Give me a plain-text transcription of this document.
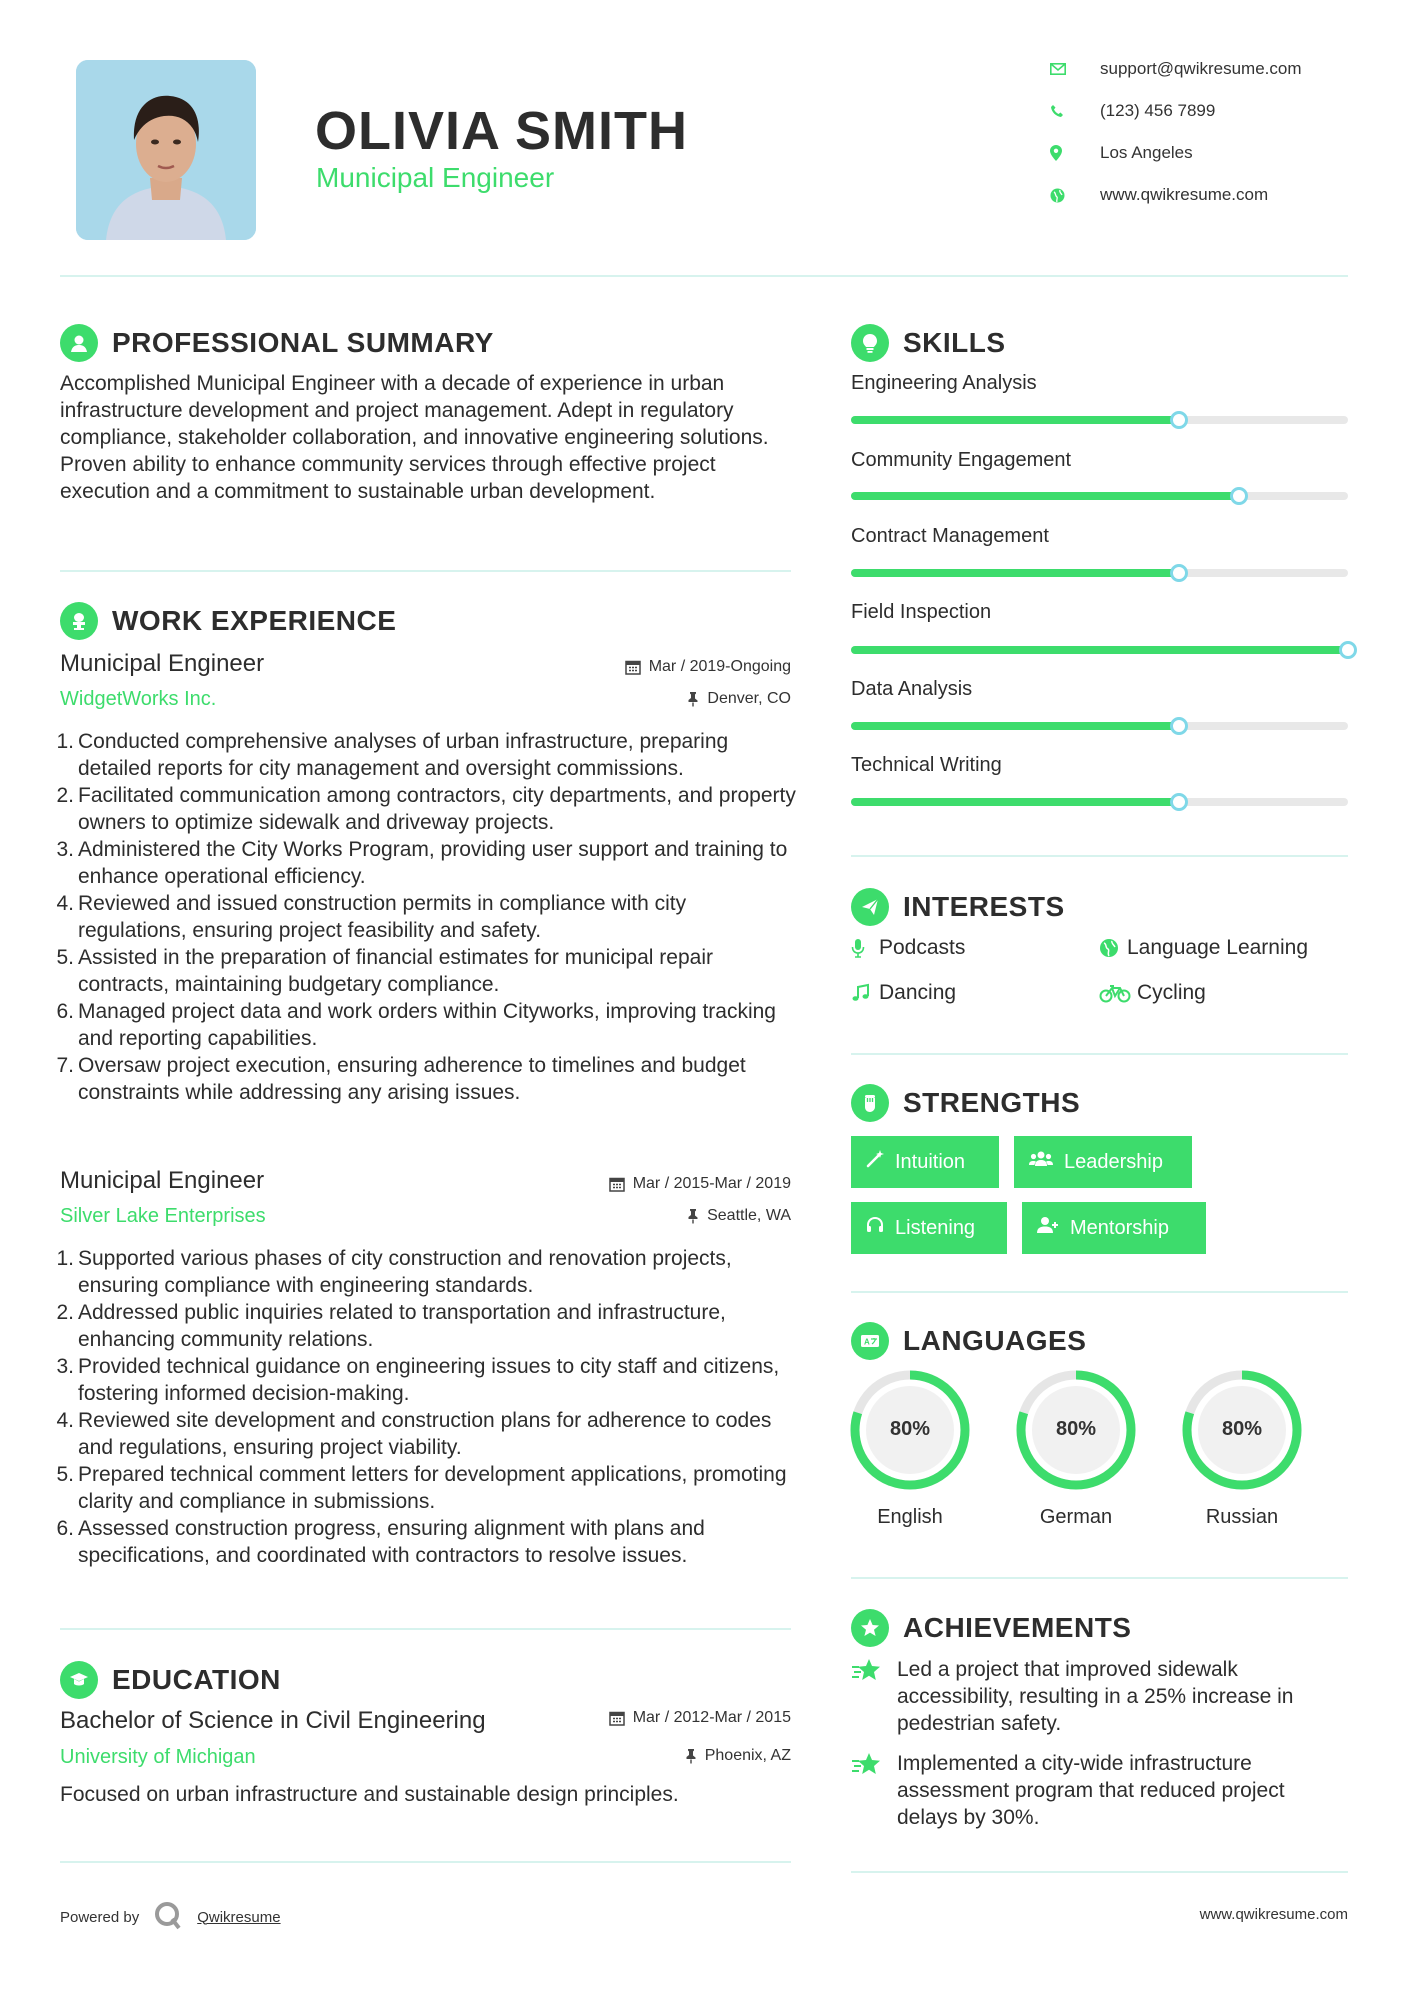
OLIVIA SMITH
Municipal Engineer
support@qwikresume.com
(123) 456 7899
Los Angeles
www.qwikresume.com
PROFESSIONAL SUMMARY
Accomplished Municipal Engineer with a decade of experience in urban infrastructure development and project management. Adept in regulatory compliance, stakeholder collaboration, and innovative engineering solutions. Proven ability to enhance community services through effective project execution and a commitment to sustainable urban development.
WORK EXPERIENCE
Municipal Engineer	Mar / 2019-Ongoing
WidgetWorks Inc.	Denver, CO
1. Conducted comprehensive analyses of urban infrastructure, preparing detailed reports for city management and oversight commissions.
2. Facilitated communication among contractors, city departments, and property owners to optimize sidewalk and driveway projects.
3. Administered the City Works Program, providing user support and training to enhance operational efficiency.
4. Reviewed and issued construction permits in compliance with city regulations, ensuring project feasibility and safety.
5. Assisted in the preparation of financial estimates for municipal repair contracts, maintaining budgetary compliance.
6. Managed project data and work orders within Cityworks, improving tracking and reporting capabilities.
7. Oversaw project execution, ensuring adherence to timelines and budget constraints while addressing any arising issues.
Municipal Engineer	Mar / 2015-Mar / 2019
Silver Lake Enterprises	Seattle, WA
1. Supported various phases of city construction and renovation projects, ensuring compliance with engineering standards.
2. Addressed public inquiries related to transportation and infrastructure, enhancing community relations.
3. Provided technical guidance on engineering issues to city staff and citizens, fostering informed decision-making.
4. Reviewed site development and construction plans for adherence to codes and regulations, ensuring project viability.
5. Prepared technical comment letters for development applications, promoting clarity and compliance in submissions.
6. Assessed construction progress, ensuring alignment with plans and specifications, and coordinated with contractors to resolve issues.
EDUCATION
Bachelor of Science in Civil Engineering	Mar / 2012-Mar / 2015
University of Michigan	Phoenix, AZ
Focused on urban infrastructure and sustainable design principles.
SKILLS
Engineering Analysis
Community Engagement
Contract Management
Field Inspection
Data Analysis
Technical Writing
INTERESTS
Podcasts	Language Learning
Dancing	Cycling
STRENGTHS
Intuition	Leadership
Listening	Mentorship
A LANGUAGES
80%
English
80%
German
80%
Russian
ACHIEVEMENTS
Led a project that improved sidewalk accessibility, resulting in a 25% increase in pedestrian safety.
Implemented a city-wide infrastructure assessment program that reduced project delays by 30%.
Powered by	Qwikresume	www.qwikresume.com
